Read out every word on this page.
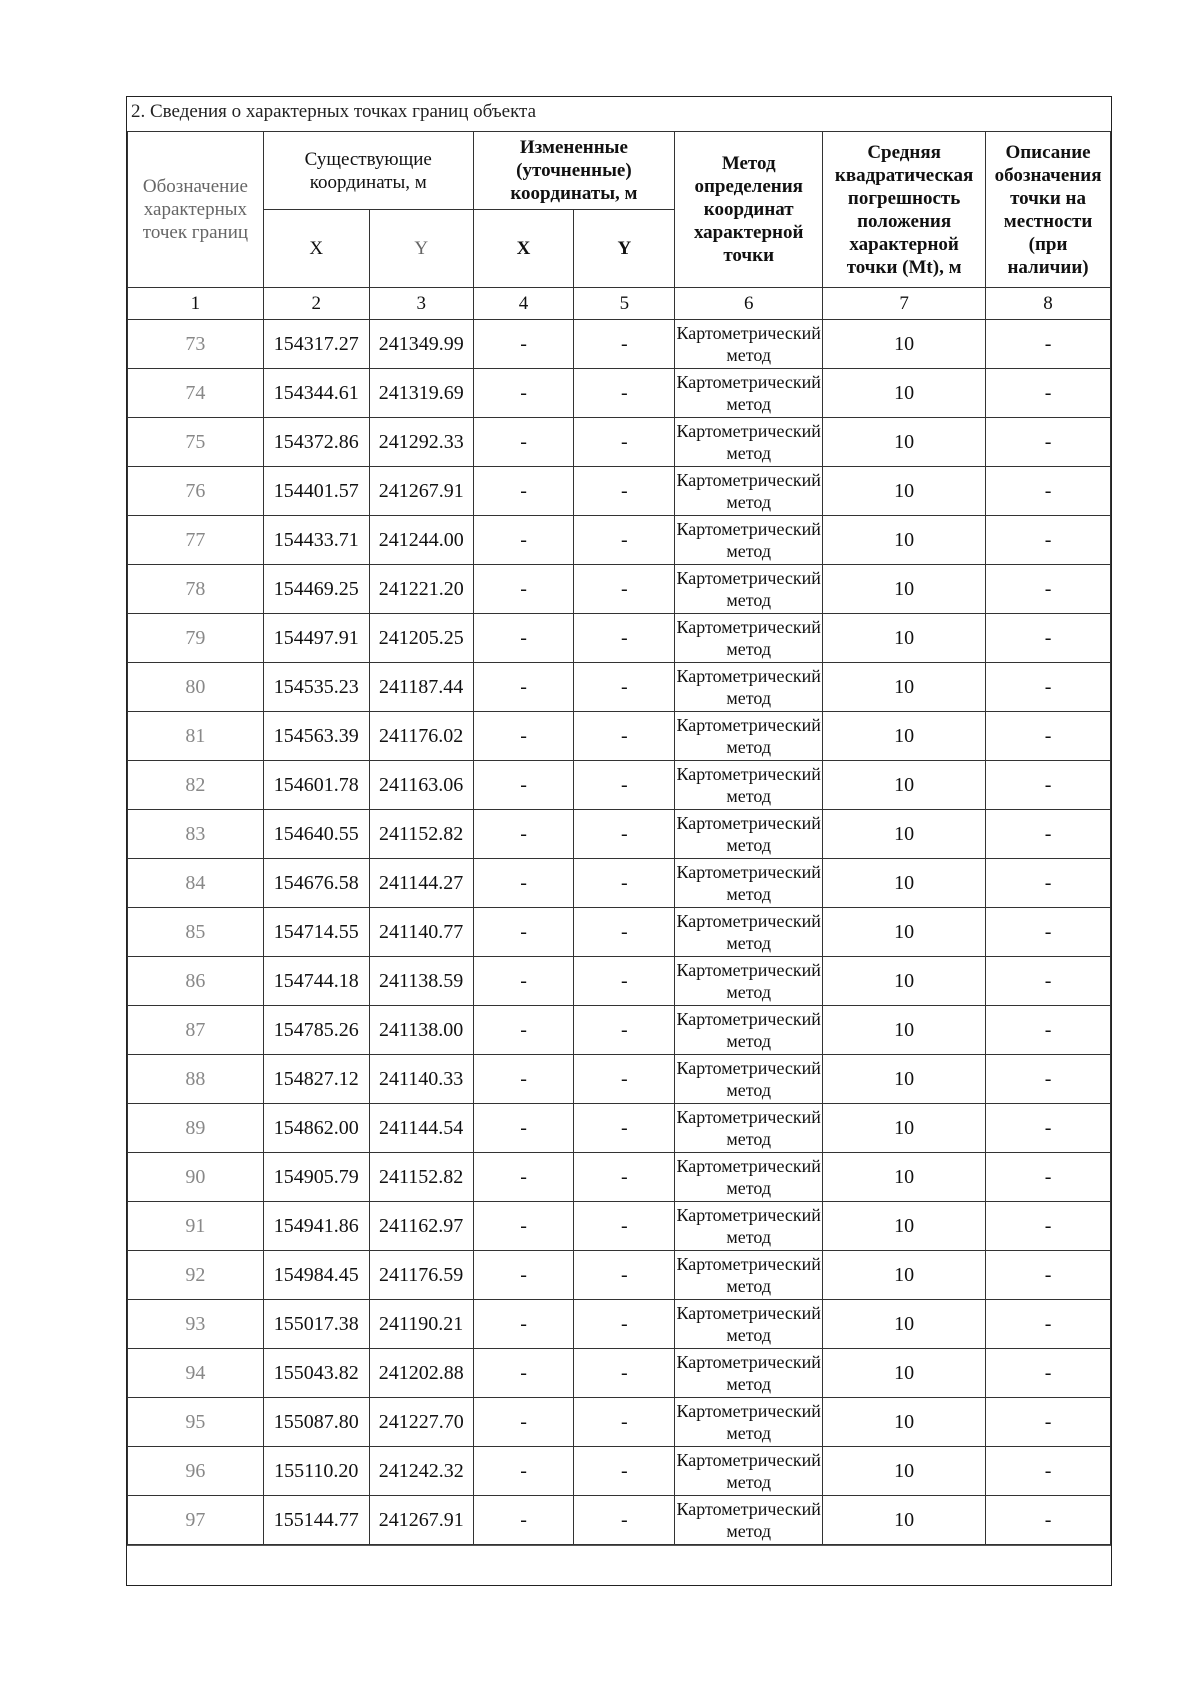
2. Сведения о характерных точках границ объекта
Обозначение характерных точек границ	Существующие координаты, м		Измененные (уточненные) координаты, м		Метод определения координат характерной точки	Средняя квадратическая погрешность положения характерной точки (Mt), м	Описание обозначения точки на местности (при наличии)
	X	Y	X	Y			
1	2	3	4	5	6	7	8
73	154317.27	241349.99	-	-	Картометрический метод	10	-
74	154344.61	241319.69	-	-	Картометрический метод	10	-
75	154372.86	241292.33	-	-	Картометрический метод	10	-
76	154401.57	241267.91	-	-	Картометрический метод	10	-
77	154433.71	241244.00	-	-	Картометрический метод	10	-
78	154469.25	241221.20	-	-	Картометрический метод	10	-
79	154497.91	241205.25	-	-	Картометрический метод	10	-
80	154535.23	241187.44	-	-	Картометрический метод	10	-
81	154563.39	241176.02	-	-	Картометрический метод	10	-
82	154601.78	241163.06	-	-	Картометрический метод	10	-
83	154640.55	241152.82	-	-	Картометрический метод	10	-
84	154676.58	241144.27	-	-	Картометрический метод	10	-
85	154714.55	241140.77	-	-	Картометрический метод	10	-
86	154744.18	241138.59	-	-	Картометрический метод	10	-
87	154785.26	241138.00	-	-	Картометрический метод	10	-
88	154827.12	241140.33	-	-	Картометрический метод	10	-
89	154862.00	241144.54	-	-	Картометрический метод	10	-
90	154905.79	241152.82	-	-	Картометрический метод	10	-
91	154941.86	241162.97	-	-	Картометрический метод	10	-
92	154984.45	241176.59	-	-	Картометрический метод	10	-
93	155017.38	241190.21	-	-	Картометрический метод	10	-
94	155043.82	241202.88	-	-	Картометрический метод	10	-
95	155087.80	241227.70	-	-	Картометрический метод	10	-
96	155110.20	241242.32	-	-	Картометрический метод	10	-
97	155144.77	241267.91	-	-	Картометрический метод	10	-
